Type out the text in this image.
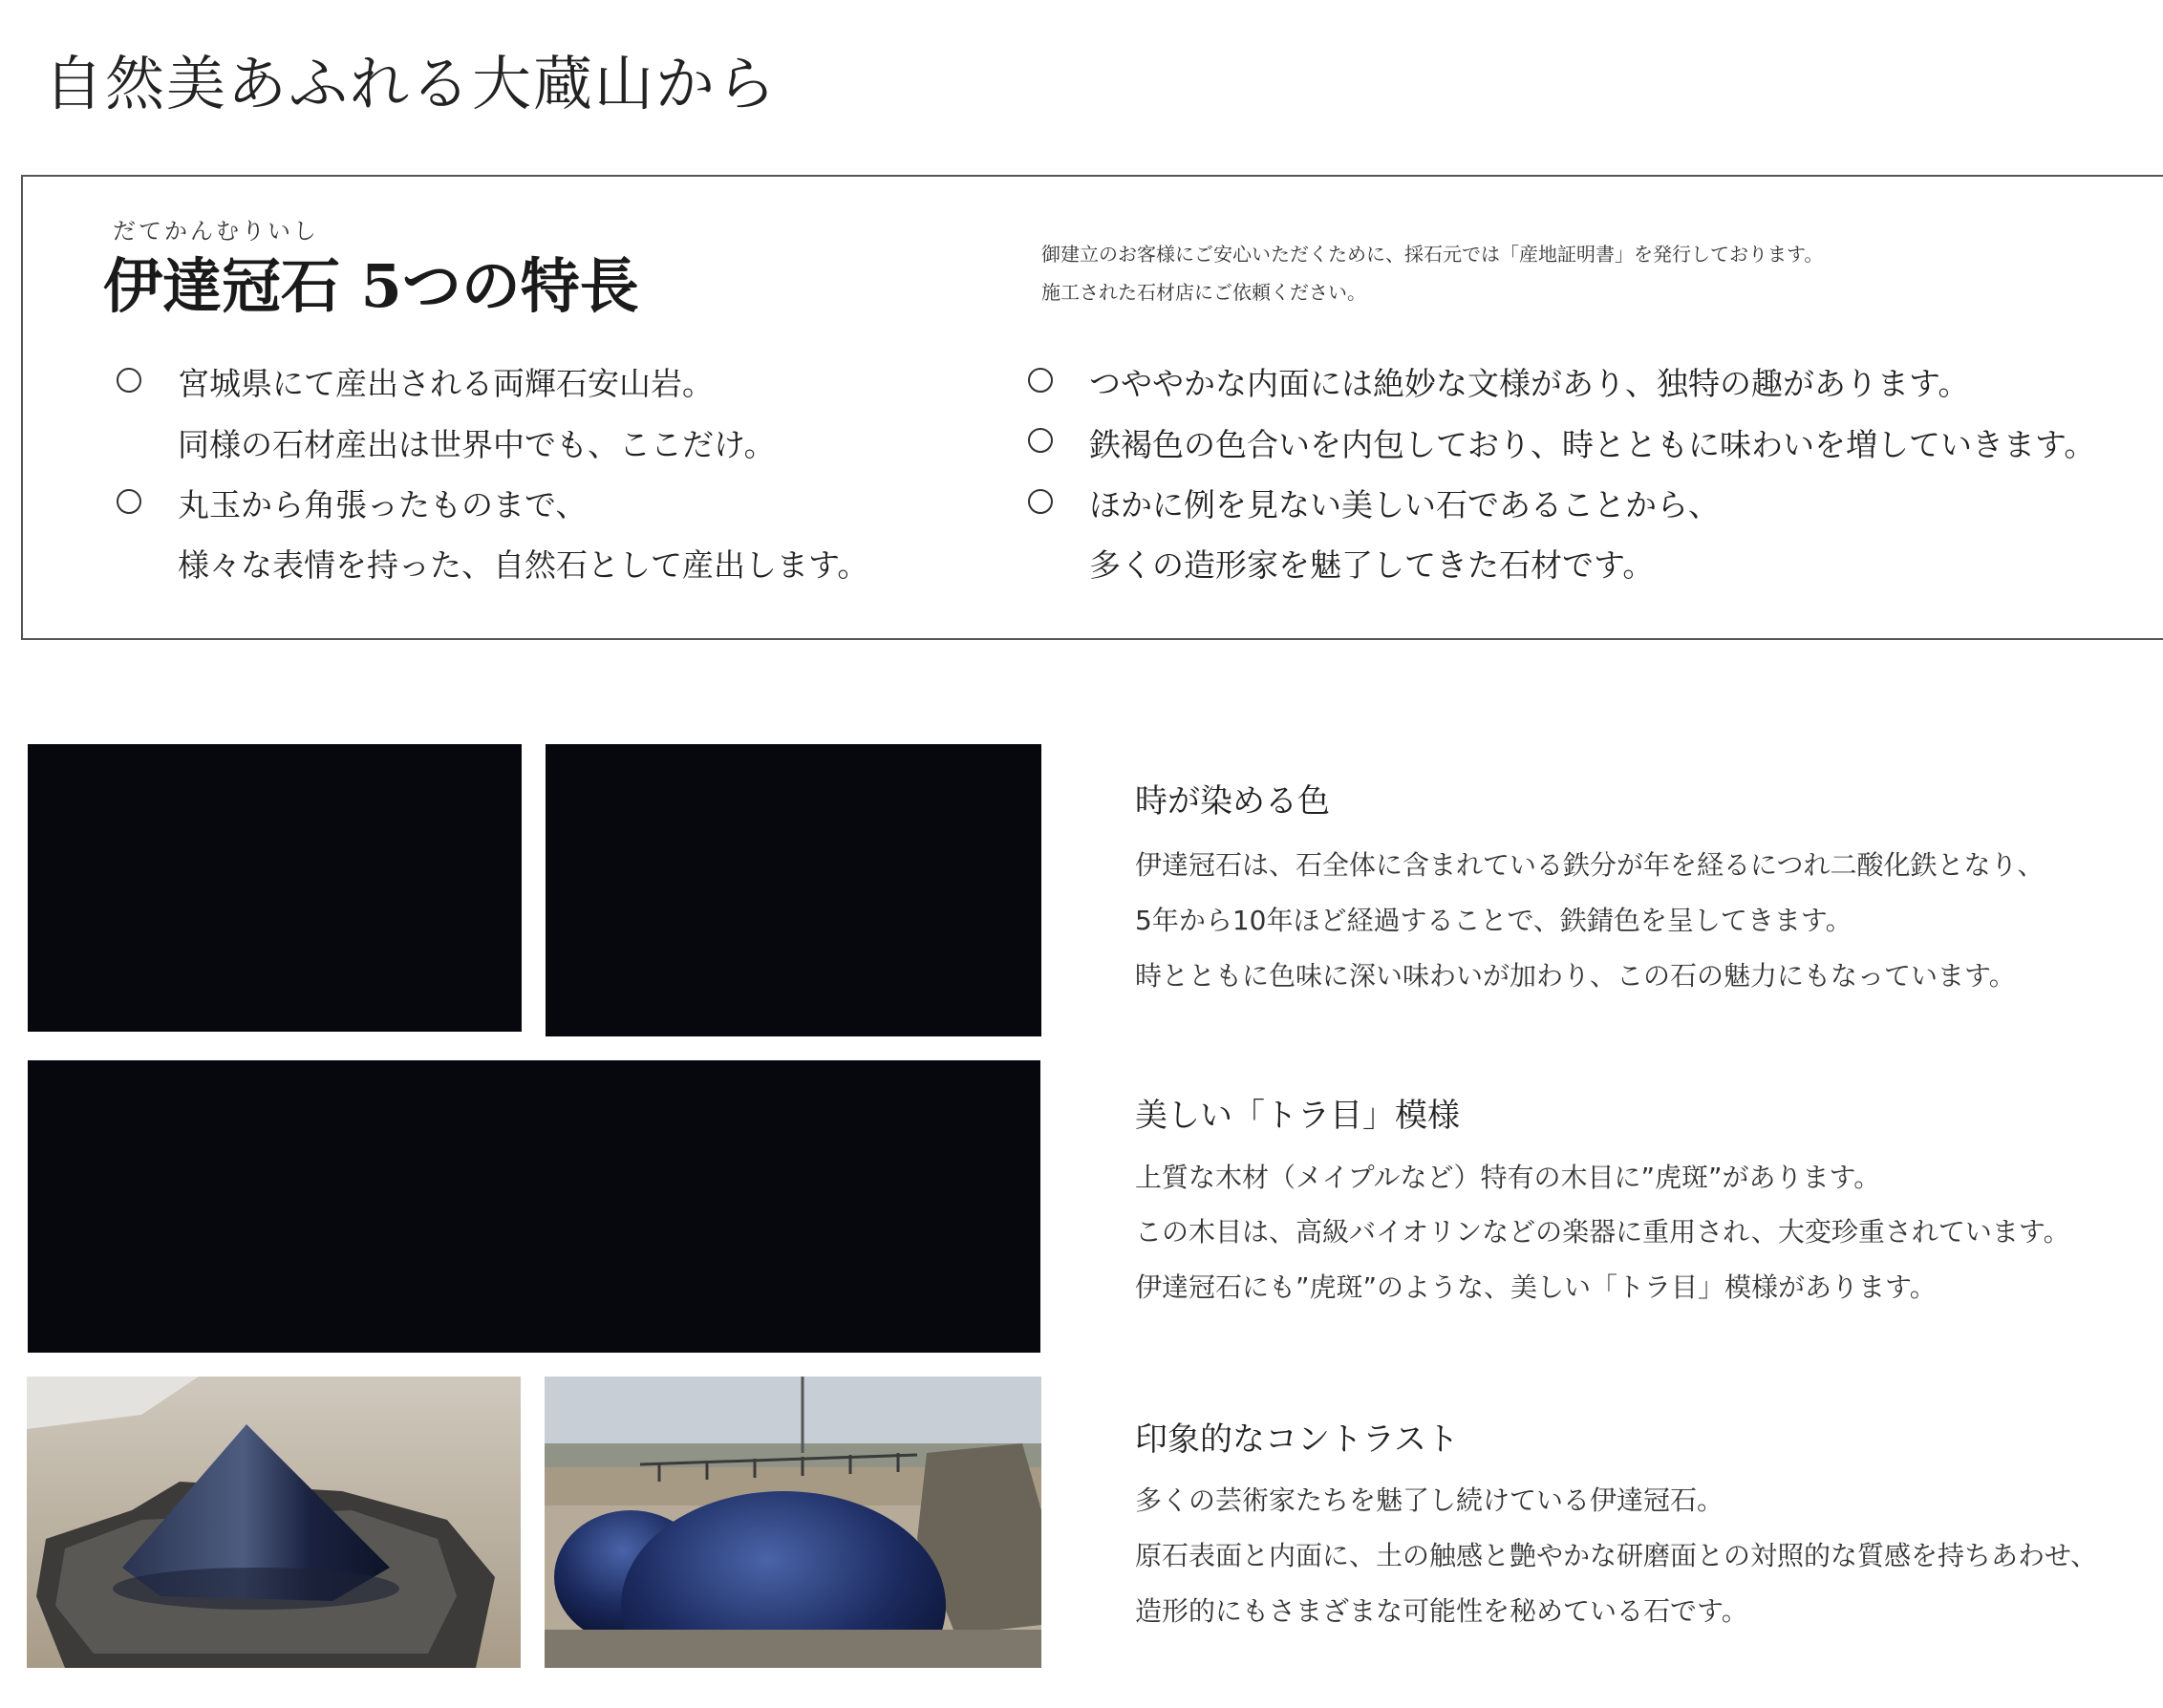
自然美あふれる大蔵山から
だてかんむりいし
伊達冠石 5つの特長	御建立のお客様にご安心いただくために、採石元では「産地証明書」を発行しております。
施工された石材店にご依頼ください。
宮城県にて産出される両輝石安山岩。
同様の石材産出は世界中でも、ここだけ。
丸玉から角張ったものまで、
様々な表情を持った、自然石として産出します。
つややかな内面には絶妙な文様があり、独特の趣があります。
鉄褐色の色合いを内包しており、時とともに味わいを増していきます。
ほかに例を見ない美しい石であることから、
多くの造形家を魅了してきた石材です。
時が染める色
伊達冠石は、石全体に含まれている鉄分が年を経るにつれ二酸化鉄となり、
5年から10年ほど経過することで、鉄錆色を呈してきます。
時とともに色味に深い味わいが加わり、この石の魅力にもなっています。
美しい「トラ目」模様
上質な木材（メイプルなど）特有の木目に”虎斑”があります。
この木目は、高級バイオリンなどの楽器に重用され、大変珍重されています。
伊達冠石にも”虎斑”のような、美しい「トラ目」模様があります。
印象的なコントラスト
多くの芸術家たちを魅了し続けている伊達冠石。
原石表面と内面に、土の触感と艶やかな研磨面との対照的な質感を持ちあわせ、
造形的にもさまざまな可能性を秘めている石です。
